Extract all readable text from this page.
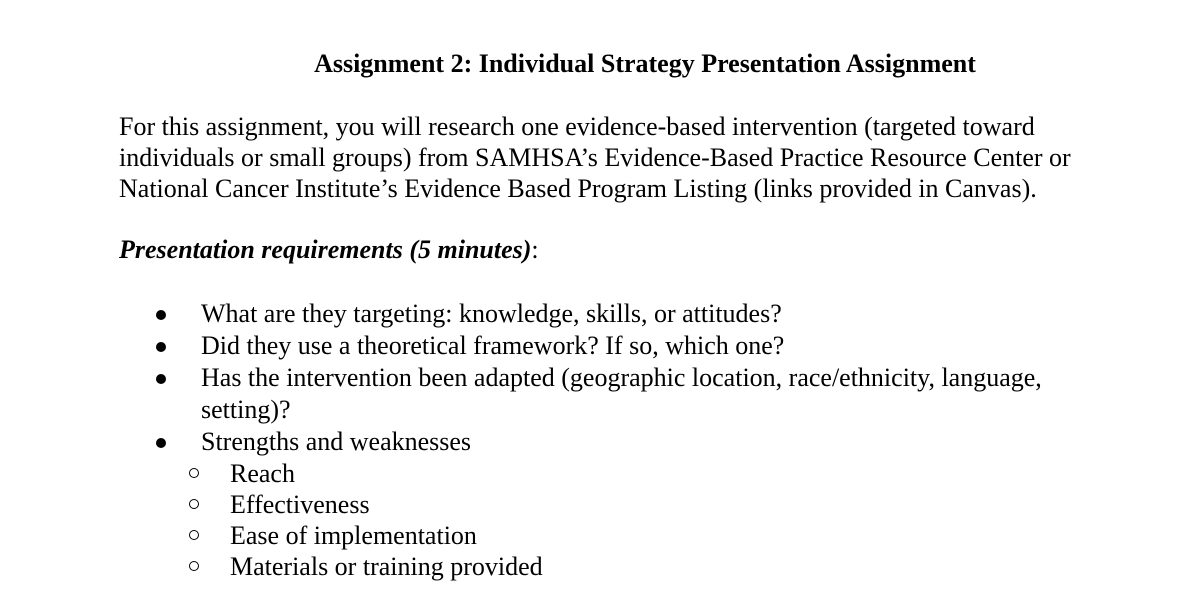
Assignment 2: Individual Strategy Presentation Assignment

For this assignment, you will research one evidence-based intervention (targeted toward
individuals or small groups) from SAMHSA’s Evidence-Based Practice Resource Center or
National Cancer Institute’s Evidence Based Program Listing (links provided in Canvas).

Presentation requirements (5 minutes):
What are they targeting: knowledge, skills, or attitudes?
Did they use a theoretical framework? If so, which one?
Has the intervention been adapted (geographic location, race/ethnicity, language, setting)?
Strengths and weaknesses
Reach
Effectiveness
Ease of implementation
Materials or training provided
